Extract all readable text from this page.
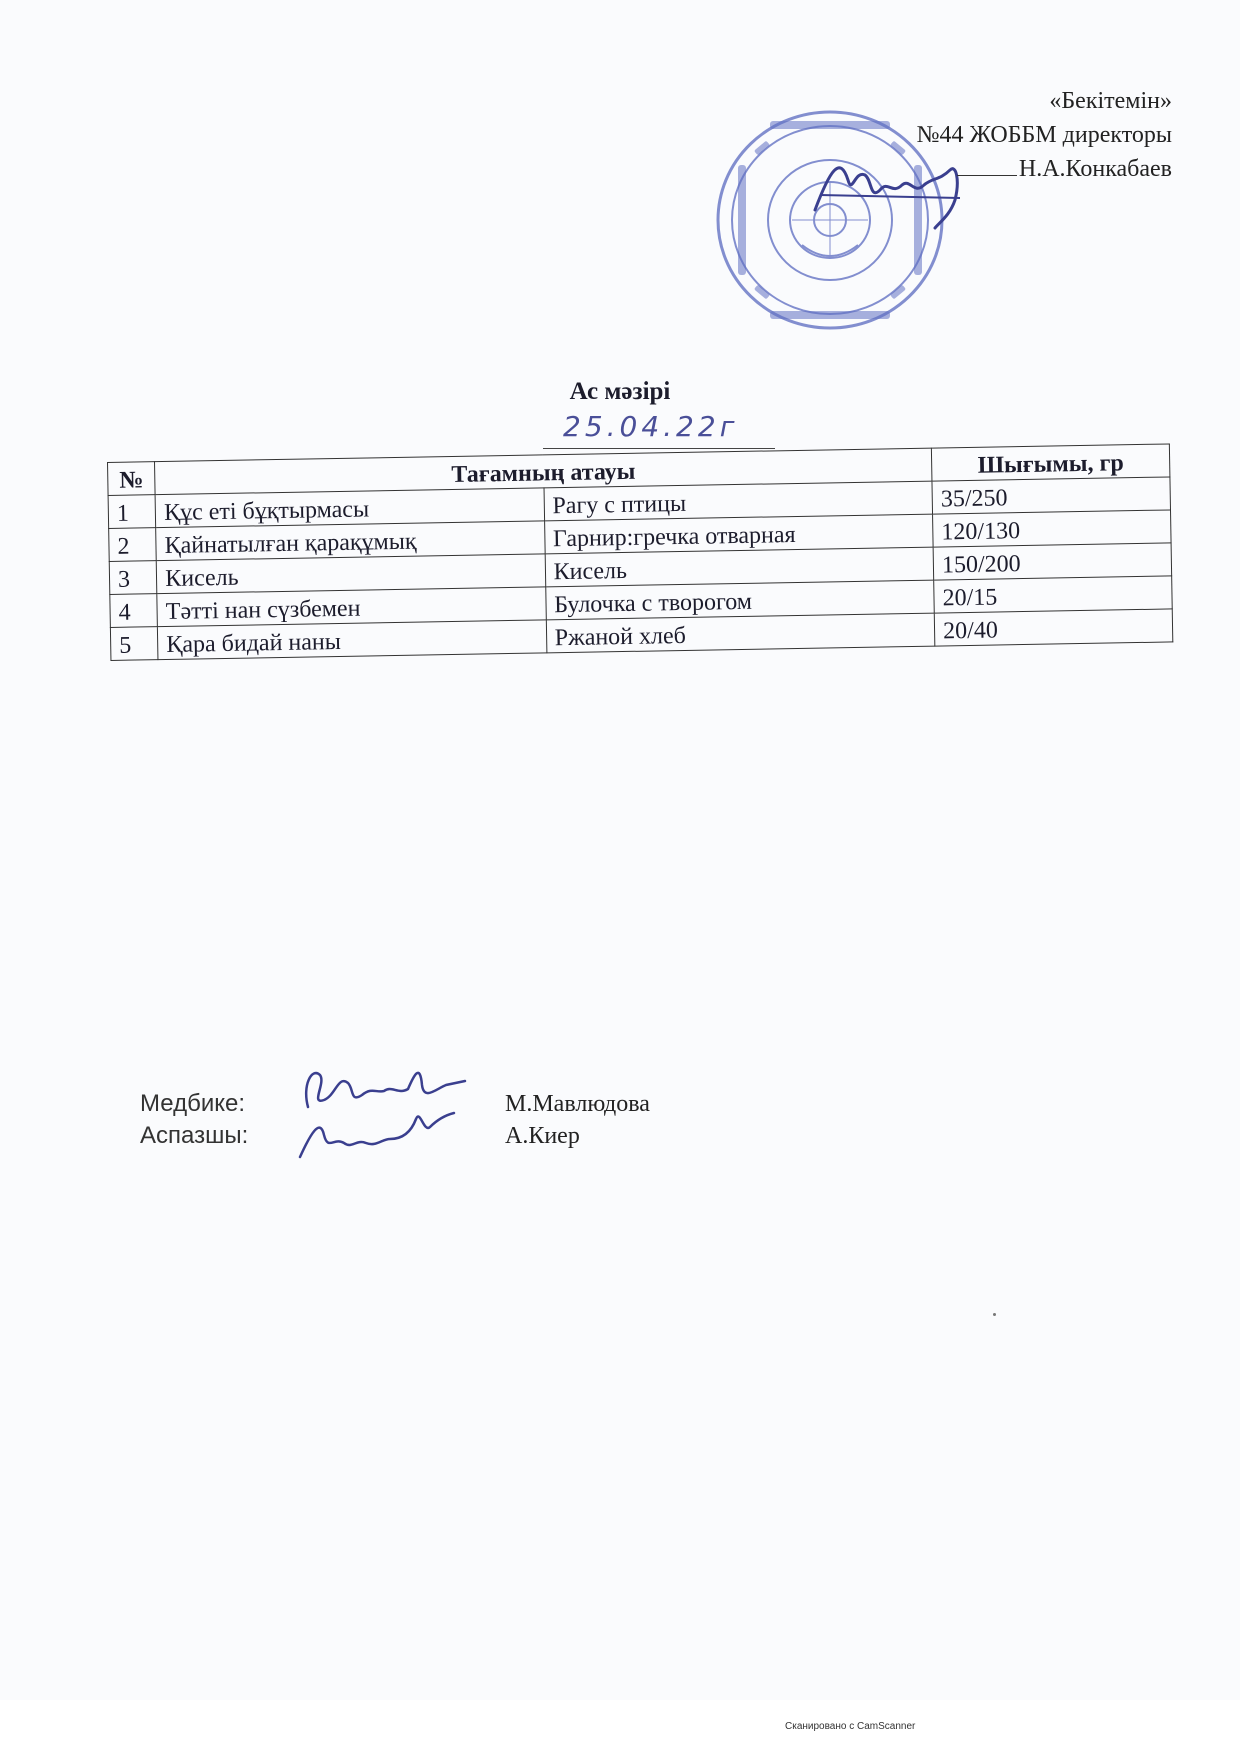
«Бекітемін»
№44 ЖОББМ директоры
Н.А.Конкабаев
Ас мәзірі
25.04.22г
№	Тағамның атауы		Шығымы, гр
1	Құс еті бұқтырмасы	Рагу с птицы	35/250
2	Қайнатылған қарақұмық	Гарнир:гречка отварная	120/130
3	Кисель	Кисель	150/200
4	Тәтті нан сүзбемен	Булочка с творогом	20/15
5	Қара бидай наны	Ржаной хлеб	20/40
Медбике:	М.Мавлюдова
Аспазшы:	А.Киер
Сканировано с CamScanner
